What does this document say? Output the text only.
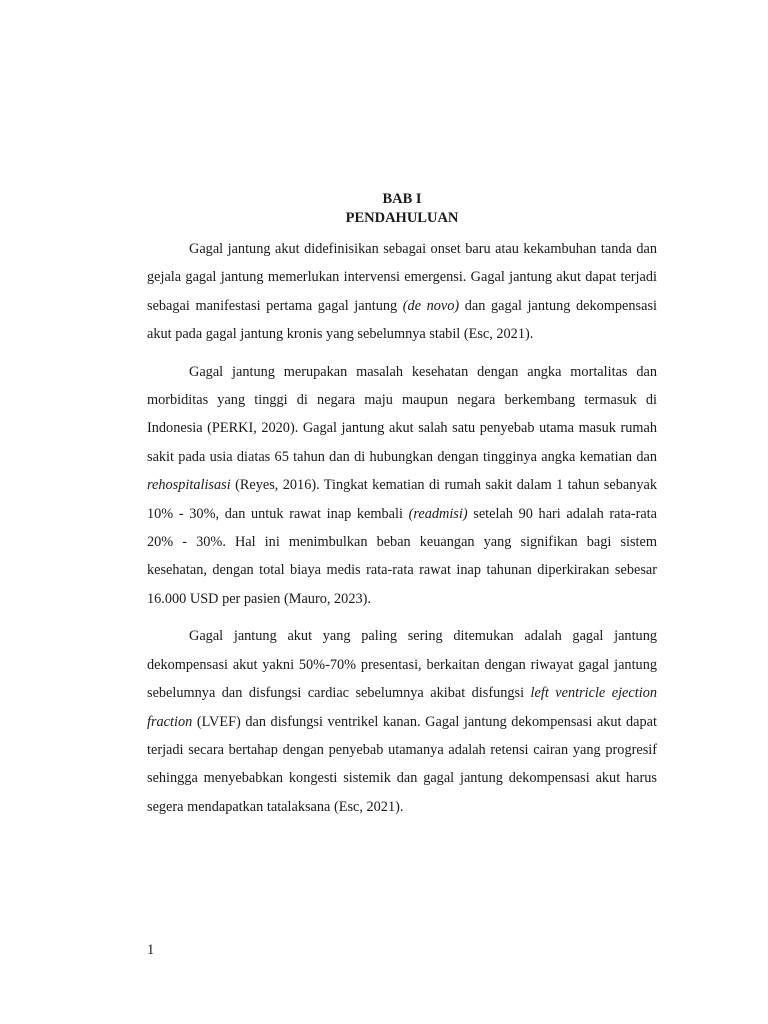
BAB I
PENDAHULUAN

Gagal jantung akut didefinisikan sebagai onset baru atau kekambuhan tanda dan gejala gagal jantung memerlukan intervensi emergensi. Gagal jantung akut dapat terjadi sebagai manifestasi pertama gagal jantung (de novo) dan gagal jantung dekompensasi akut pada gagal jantung kronis yang sebelumnya stabil (Esc, 2021).

Gagal jantung merupakan masalah kesehatan dengan angka mortalitas dan morbiditas yang tinggi di negara maju maupun negara berkembang termasuk di Indonesia (PERKI, 2020). Gagal jantung akut salah satu penyebab utama masuk rumah sakit pada usia diatas 65 tahun dan di hubungkan dengan tingginya angka kematian dan rehospitalisasi (Reyes, 2016). Tingkat kematian di rumah sakit dalam 1 tahun sebanyak 10% - 30%, dan untuk rawat inap kembali (readmisi) setelah 90 hari adalah rata-rata 20% - 30%. Hal ini menimbulkan beban keuangan yang signifikan bagi sistem kesehatan, dengan total biaya medis rata-rata rawat inap tahunan diperkirakan sebesar 16.000 USD per pasien (Mauro, 2023).

Gagal jantung akut yang paling sering ditemukan adalah gagal jantung dekompensasi akut yakni 50%-70% presentasi, berkaitan dengan riwayat gagal jantung sebelumnya dan disfungsi cardiac sebelumnya akibat disfungsi left ventricle ejection fraction (LVEF) dan disfungsi ventrikel kanan. Gagal jantung dekompensasi akut dapat terjadi secara bertahap dengan penyebab utamanya adalah retensi cairan yang progresif sehingga menyebabkan kongesti sistemik dan gagal jantung dekompensasi akut harus segera mendapatkan tatalaksana (Esc, 2021).

1
